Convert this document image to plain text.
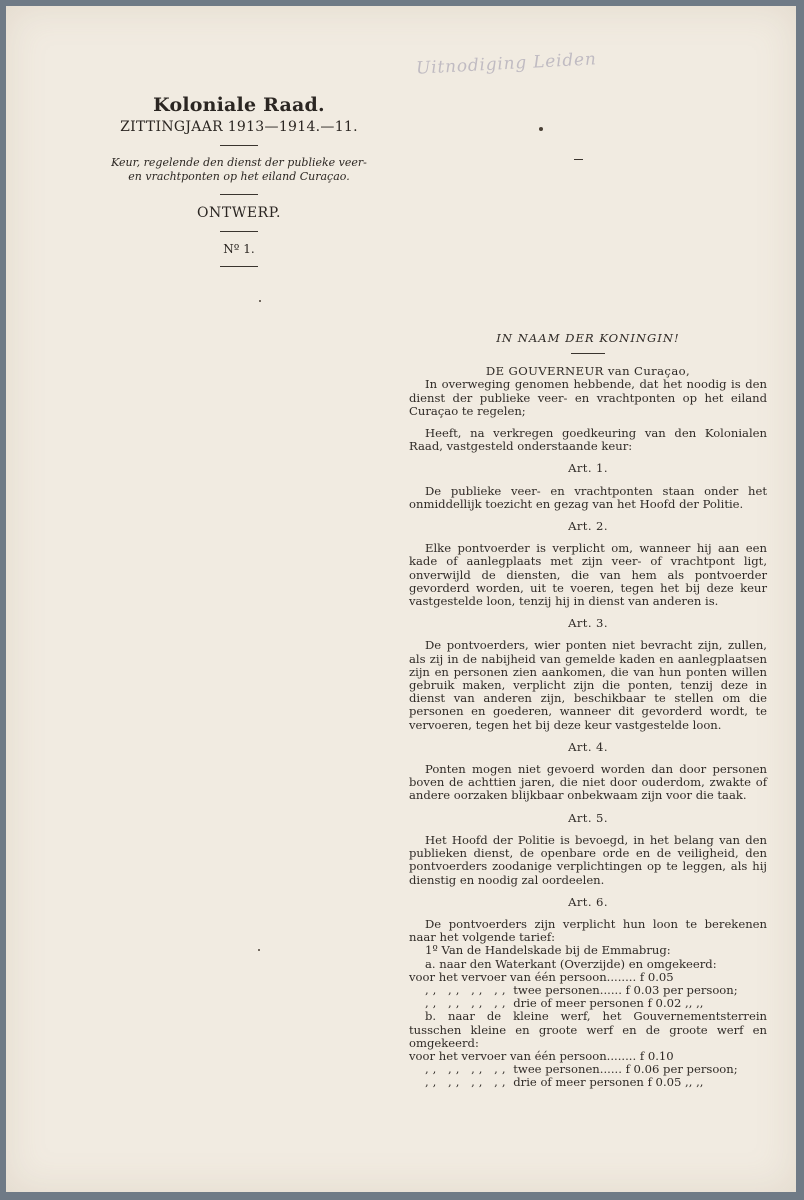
Koloniale Raad.

ZITTINGJAAR 1913—1914.—11.

Keur, regelende den dienst der publieke veer-

en vrachtponten op het eiland Curaçao.

ONTWERP.

Nº 1.

Uitnodiging Leiden

IN NAAM DER KONINGIN!

DE GOUVERNEUR van Curaçao,

In overweging genomen hebbende, dat het noodig is den dienst der publieke veer- en vrachtponten op het eiland Curaçao te regelen;

Heeft, na verkregen goedkeuring van den Kolonialen Raad, vastgesteld onderstaande keur:

Art. 1.

De publieke veer- en vrachtponten staan onder het onmiddellijk toezicht en gezag van het Hoofd der Politie.

Art. 2.

Elke pontvoerder is verplicht om, wanneer hij aan een kade of aanlegplaats met zijn veer- of vrachtpont ligt, onverwijld de diensten, die van hem als pontvoerder gevorderd worden, uit te voeren, tegen het bij deze keur vastgestelde loon, tenzij hij in dienst van anderen is.

Art. 3.

De pontvoerders, wier ponten niet bevracht zijn, zullen, als zij in de nabijheid van gemelde kaden en aanlegplaatsen zijn en personen zien aankomen, die van hun ponten willen gebruik maken, verplicht zijn die ponten, tenzij deze in dienst van anderen zijn, beschikbaar te stellen om die personen en goederen, wanneer dit gevorderd wordt, te vervoeren, tegen het bij deze keur vastgestelde loon.

Art. 4.

Ponten mogen niet gevoerd worden dan door personen boven de achttien jaren, die niet door ouderdom, zwakte of andere oorzaken blijkbaar onbekwaam zijn voor die taak.

Art. 5.

Het Hoofd der Politie is bevoegd, in het belang van den publieken dienst, de openbare orde en de veiligheid, den pontvoerders zoodanige verplichtingen op te leggen, als hij dienstig en noodig zal oordeelen.

Art. 6.

De pontvoerders zijn verplicht hun loon te berekenen naar het volgende tarief:

1º Van de Handelskade bij de Emmabrug:

a. naar den Waterkant (Overzijde) en omgekeerd:

voor het vervoer van één persoon........ f 0.05

,, ,, ,, ,, twee personen...... f 0.03 per persoon;

,, ,, ,, ,, drie of meer personen f 0.02 ,, ,,

b. naar de kleine werf, het Gouvernementsterrein tusschen kleine en groote werf en de groote werf en omgekeerd:

voor het vervoer van één persoon........ f 0.10

,, ,, ,, ,, twee personen...... f 0.06 per persoon;

,, ,, ,, ,, drie of meer personen f 0.05 ,, ,,
